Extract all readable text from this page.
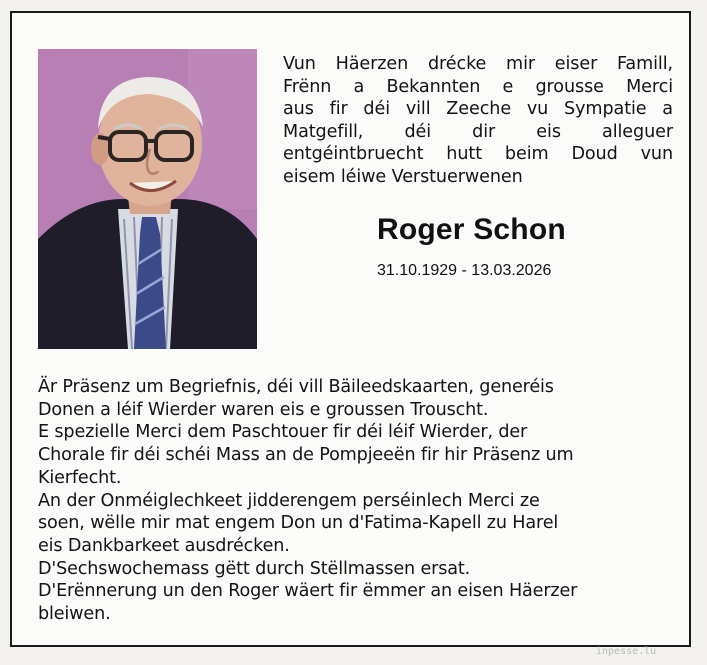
Vun Häerzen drécke mir eiser Famill,
Frënn a Bekannten e grousse Merci
aus fir déi vill Zeeche vu Sympatie a
Matgefill, déi dir eis alleguer
entgéintbruecht hutt beim Doud vun
eisem léiwe Verstuerwenen
Roger Schon
31.10.1929 - 13.03.2026

Är Präsenz um Begriefnis, déi vill Bäileedskaarten, generéis

Donen a léif Wierder waren eis e groussen Trouscht.

E spezielle Merci dem Paschtouer fir déi léif Wierder, der

Chorale fir déi schéi Mass an de Pompjeeën fir hir Präsenz um

Kierfecht.

An der Onméiglechkeet jidderengem perséinlech Merci ze

soen, wëlle mir mat engem Don un d'Fatima-Kapell zu Harel

eis Dankbarkeet ausdrécken.

D'Sechswochemass gëtt durch Stëllmassen ersat.

D'Erënnerung un den Roger wäert fir ëmmer an eisen Häerzer

bleiwen.

inpesse.lu
